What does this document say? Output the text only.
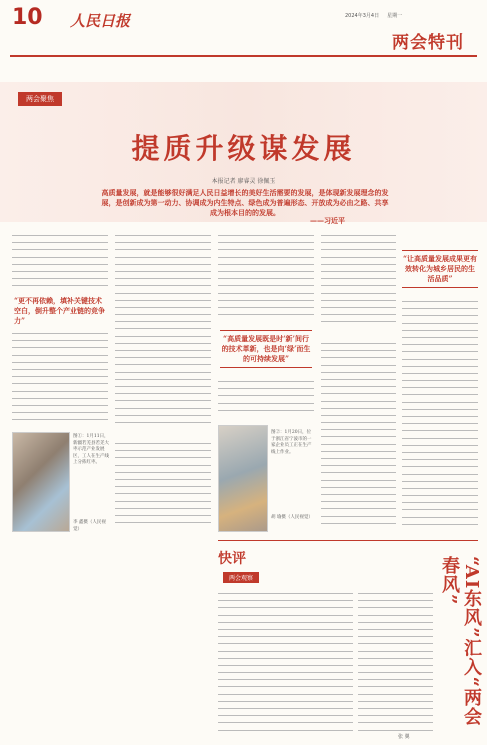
10 人民日报	2024年3月4日 星期一
两会特刊
两会聚焦
提质升级谋发展
本报记者 廖睿灵 徐佩玉
高质量发展，就是能够很好满足人民日益增长的美好生活需要的发展，是体现新发展理念的发展，是创新成为第一动力、协调成为内生特点、绿色成为普遍形态、开放成为必由之路、共享成为根本目的的发展。
——习近平
“更不再依赖，填补关键技术空白，倒升整个产业链的竞争力”
图①：1月11日，新疆若羌县若羌大枣示范产业发展区，工人在生产线上分拣红枣。
李 鑫摄（人民视觉）
“高质量发展既是时‘新’间行的技术革新，也是向‘绿’而生的可持续发展”
图②：1月20日，位于浙江省宁波市的一家企业员工正在生产线上作业。
胡 瑜摄（人民视觉）
“让高质量发展成果更有效转化为城乡居民的生活品质”
快评
两会观察	“AI东风”汇入“两会春风”
张 翼
